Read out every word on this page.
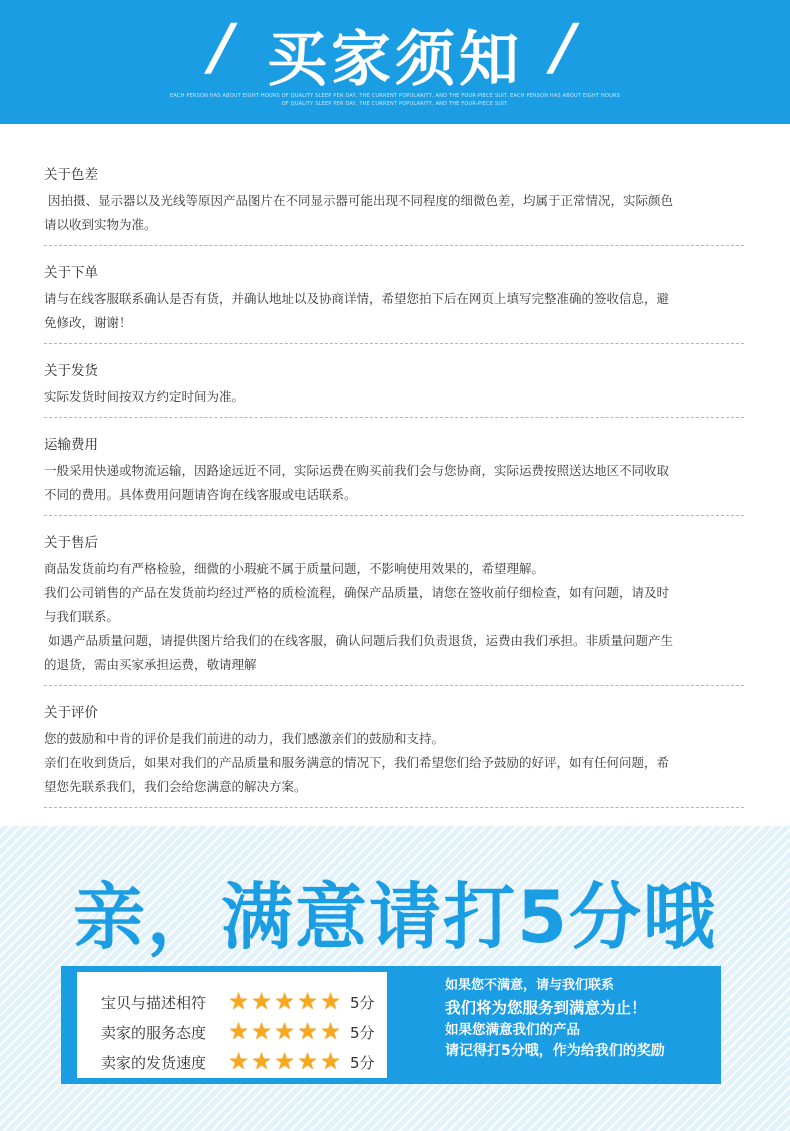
/ 买家须知 /
EACH PERSON HAS ABOUT EIGHT HOURS OF QUALITY SLEEP PER DAY, THE CURRENT POPULARITY, AND THE FOUR-PIECE SUIT. EACH PERSON HAS ABOUT EIGHT HOURS
OF QUALITY SLEEP PER DAY, THE CURRENT POPULARITY, AND THE FOUR-PIECE SUIT.

关于色差

因拍摄、显示器以及光线等原因产品图片在不同显示器可能出现不同程度的细微色差，均属于正常情况，实际颜色

请以收到实物为准。

关于下单

请与在线客服联系确认是否有货，并确认地址以及协商详情，希望您拍下后在网页上填写完整准确的签收信息，避

免修改，谢谢！

关于发货

实际发货时间按双方约定时间为准。

运输费用

一般采用快递或物流运输，因路途远近不同，实际运费在购买前我们会与您协商，实际运费按照送达地区不同收取

不同的费用。具体费用问题请咨询在线客服或电话联系。

关于售后

商品发货前均有严格检验，细微的小瑕疵不属于质量问题，不影响使用效果的，希望理解。

我们公司销售的产品在发货前均经过严格的质检流程，确保产品质量，请您在签收前仔细检查，如有问题，请及时

与我们联系。

如遇产品质量问题，请提供图片给我们的在线客服，确认问题后我们负责退货，运费由我们承担。非质量问题产生

的退货，需由买家承担运费，敬请理解

关于评价

您的鼓励和中肯的评价是我们前进的动力，我们感激亲们的鼓励和支持。

亲们在收到货后，如果对我们的产品质量和服务满意的情况下，我们希望您们给予鼓励的好评，如有任何问题，希

望您先联系我们，我们会给您满意的解决方案。

亲，满意请打5分哦
宝贝与描述相符 ★ ★ ★ ★ ★ 5分
卖家的服务态度 ★ ★ ★ ★ ★ 5分
卖家的发货速度 ★ ★ ★ ★ ★ 5分

如果您不满意，请与我们联系

我们将为您服务到满意为止！

如果您满意我们的产品

请记得打5分哦，作为给我们的奖励
